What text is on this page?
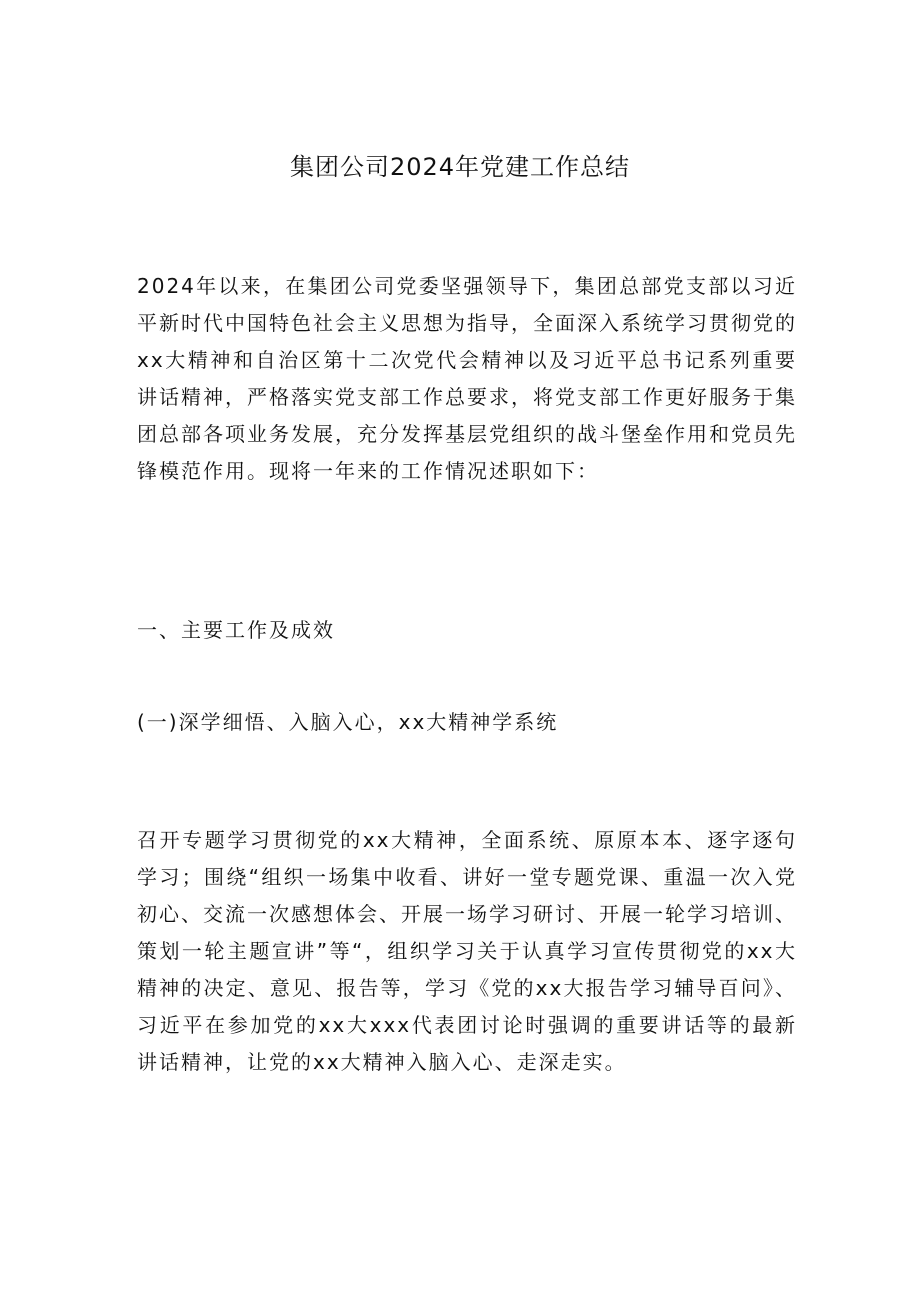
集团公司2024年党建工作总结
2024年以来，在集团公司党委坚强领导下，集团总部党支部以习近平新时代中国特色社会主义思想为指导，全面深入系统学习贯彻党的xx大精神和自治区第十二次党代会精神以及习近平总书记系列重要讲话精神，严格落实党支部工作总要求，将党支部工作更好服务于集团总部各项业务发展，充分发挥基层党组织的战斗堡垒作用和党员先锋模范作用。现将一年来的工作情况述职如下：
一、主要工作及成效
(一)深学细悟、入脑入心，xx大精神学系统
召开专题学习贯彻党的xx大精神，全面系统、原原本本、逐字逐句学习；围绕“组织一场集中收看、讲好一堂专题党课、重温一次入党初心、交流一次感想体会、开展一场学习研讨、开展一轮学习培训、策划一轮主题宣讲”等“，组织学习关于认真学习宣传贯彻党的xx大精神的决定、意见、报告等，学习《党的xx大报告学习辅导百问》、习近平在参加党的xx大xxx代表团讨论时强调的重要讲话等的最新讲话精神，让党的xx大精神入脑入心、走深走实。
